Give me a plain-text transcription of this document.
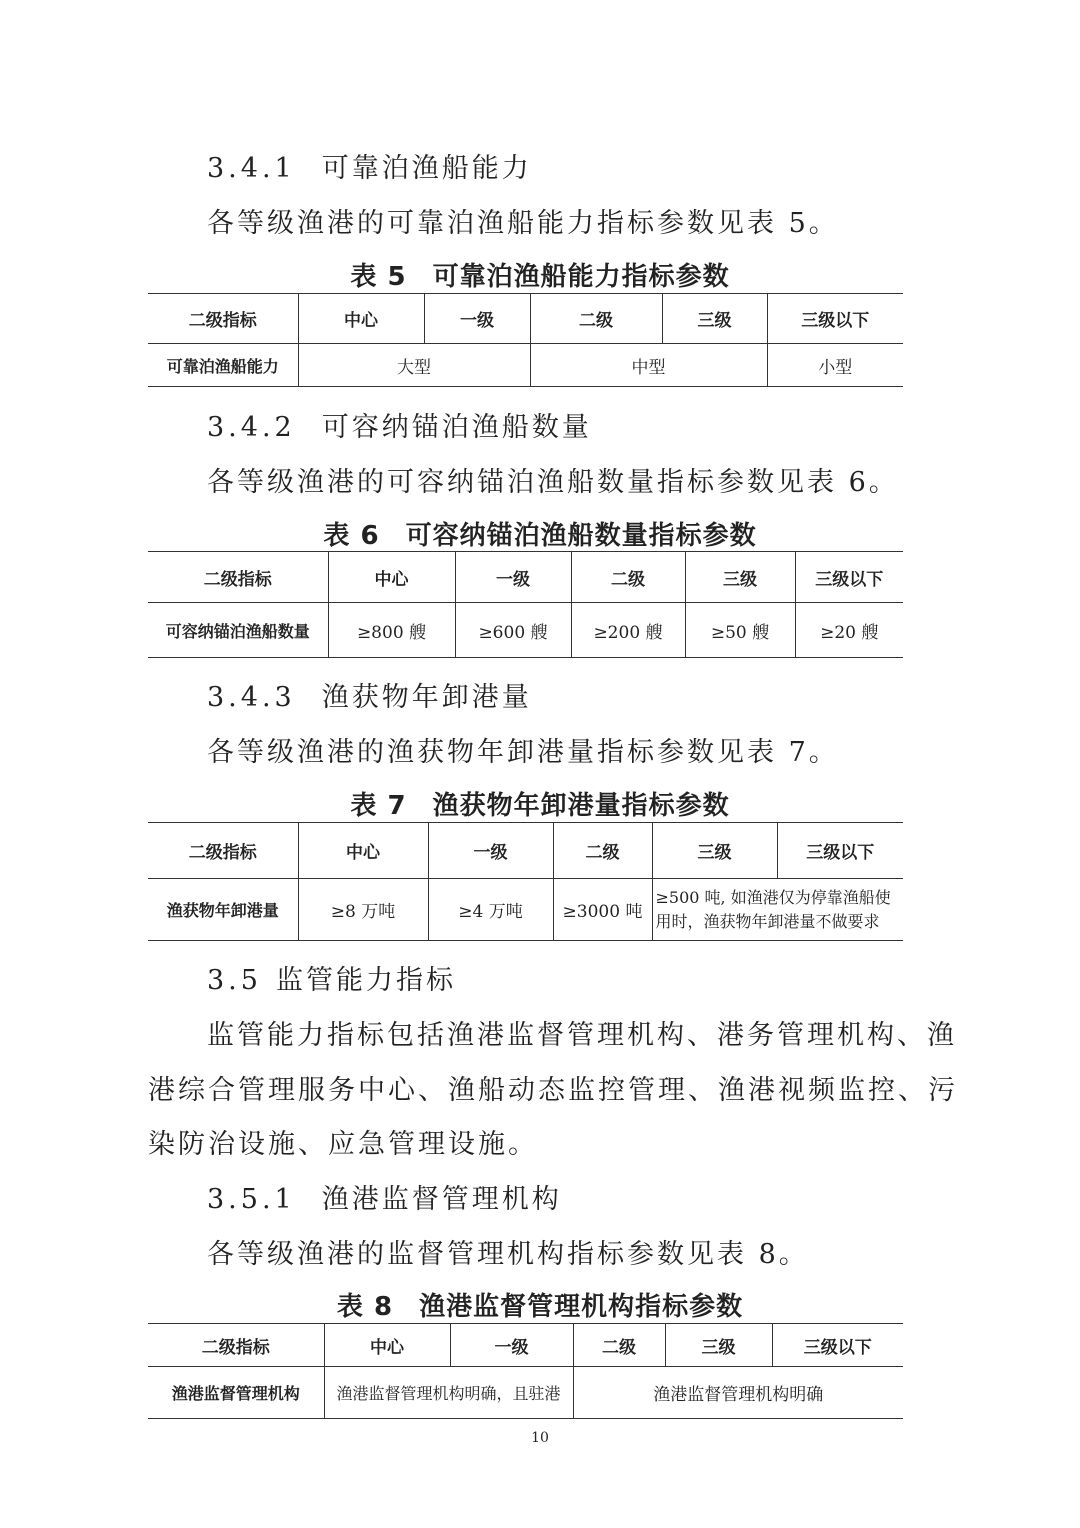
3.4.1 可靠泊渔船能力
各等级渔港的可靠泊渔船能力指标参数见表 5。
表 5 可靠泊渔船能力指标参数
二级指标	中心	一级	二级	三级	三级以下
可靠泊渔船能力	大型		中型		小型
3.4.2 可容纳锚泊渔船数量
各等级渔港的可容纳锚泊渔船数量指标参数见表 6。
表 6 可容纳锚泊渔船数量指标参数
二级指标	中心	一级	二级	三级	三级以下
可容纳锚泊渔船数量	≥800 艘	≥600 艘	≥200 艘	≥50 艘	≥20 艘
3.4.3 渔获物年卸港量
各等级渔港的渔获物年卸港量指标参数见表 7。
表 7 渔获物年卸港量指标参数
二级指标	中心	一级	二级	三级	三级以下
渔获物年卸港量	≥8 万吨	≥4 万吨	≥3000 吨	≥500 吨, 如渔港仅为停靠渔船使用时，渔获物年卸港量不做要求	
3.5 监管能力指标
监管能力指标包括渔港监督管理机构、港务管理机构、渔
港综合管理服务中心、渔船动态监控管理、渔港视频监控、污
染防治设施、应急管理设施。
3.5.1 渔港监督管理机构
各等级渔港的监督管理机构指标参数见表 8。
表 8 渔港监督管理机构指标参数
二级指标	中心	一级	二级	三级	三级以下
渔港监督管理机构	渔港监督管理机构明确，且驻港		渔港监督管理机构明确		
10
